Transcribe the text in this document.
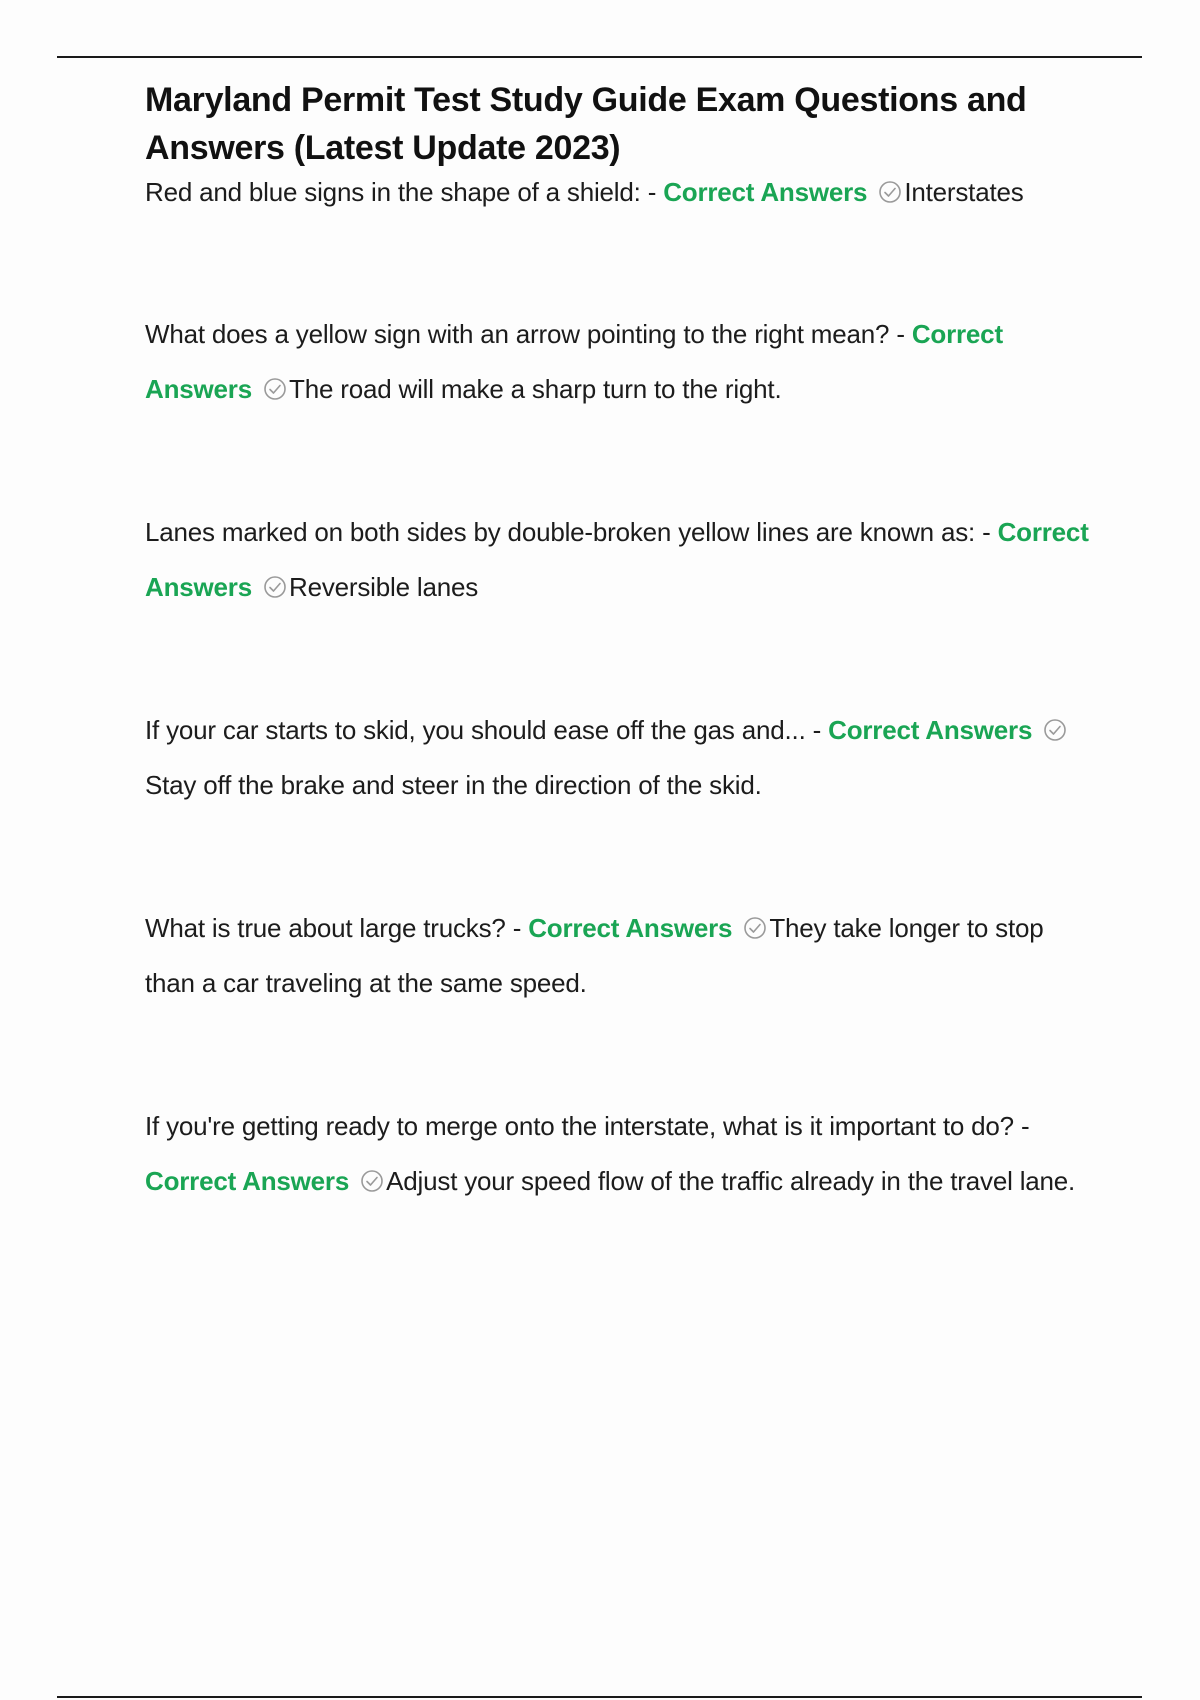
Maryland Permit Test Study Guide Exam Questions and Answers (Latest Update 2023)

Red and blue signs in the shape of a shield: - Correct Answers Interstates

What does a yellow sign with an arrow pointing to the right mean? - Correct Answers The road will make a sharp turn to the right.

Lanes marked on both sides by double-broken yellow lines are known as: - Correct Answers Reversible lanes

If your car starts to skid, you should ease off the gas and... - Correct Answers
Stay off the brake and steer in the direction of the skid.

What is true about large trucks? - Correct Answers They take longer to stop than a car traveling at the same speed.

If you're getting ready to merge onto the interstate, what is it important to do? - Correct Answers Adjust your speed flow of the traffic already in the travel lane.
